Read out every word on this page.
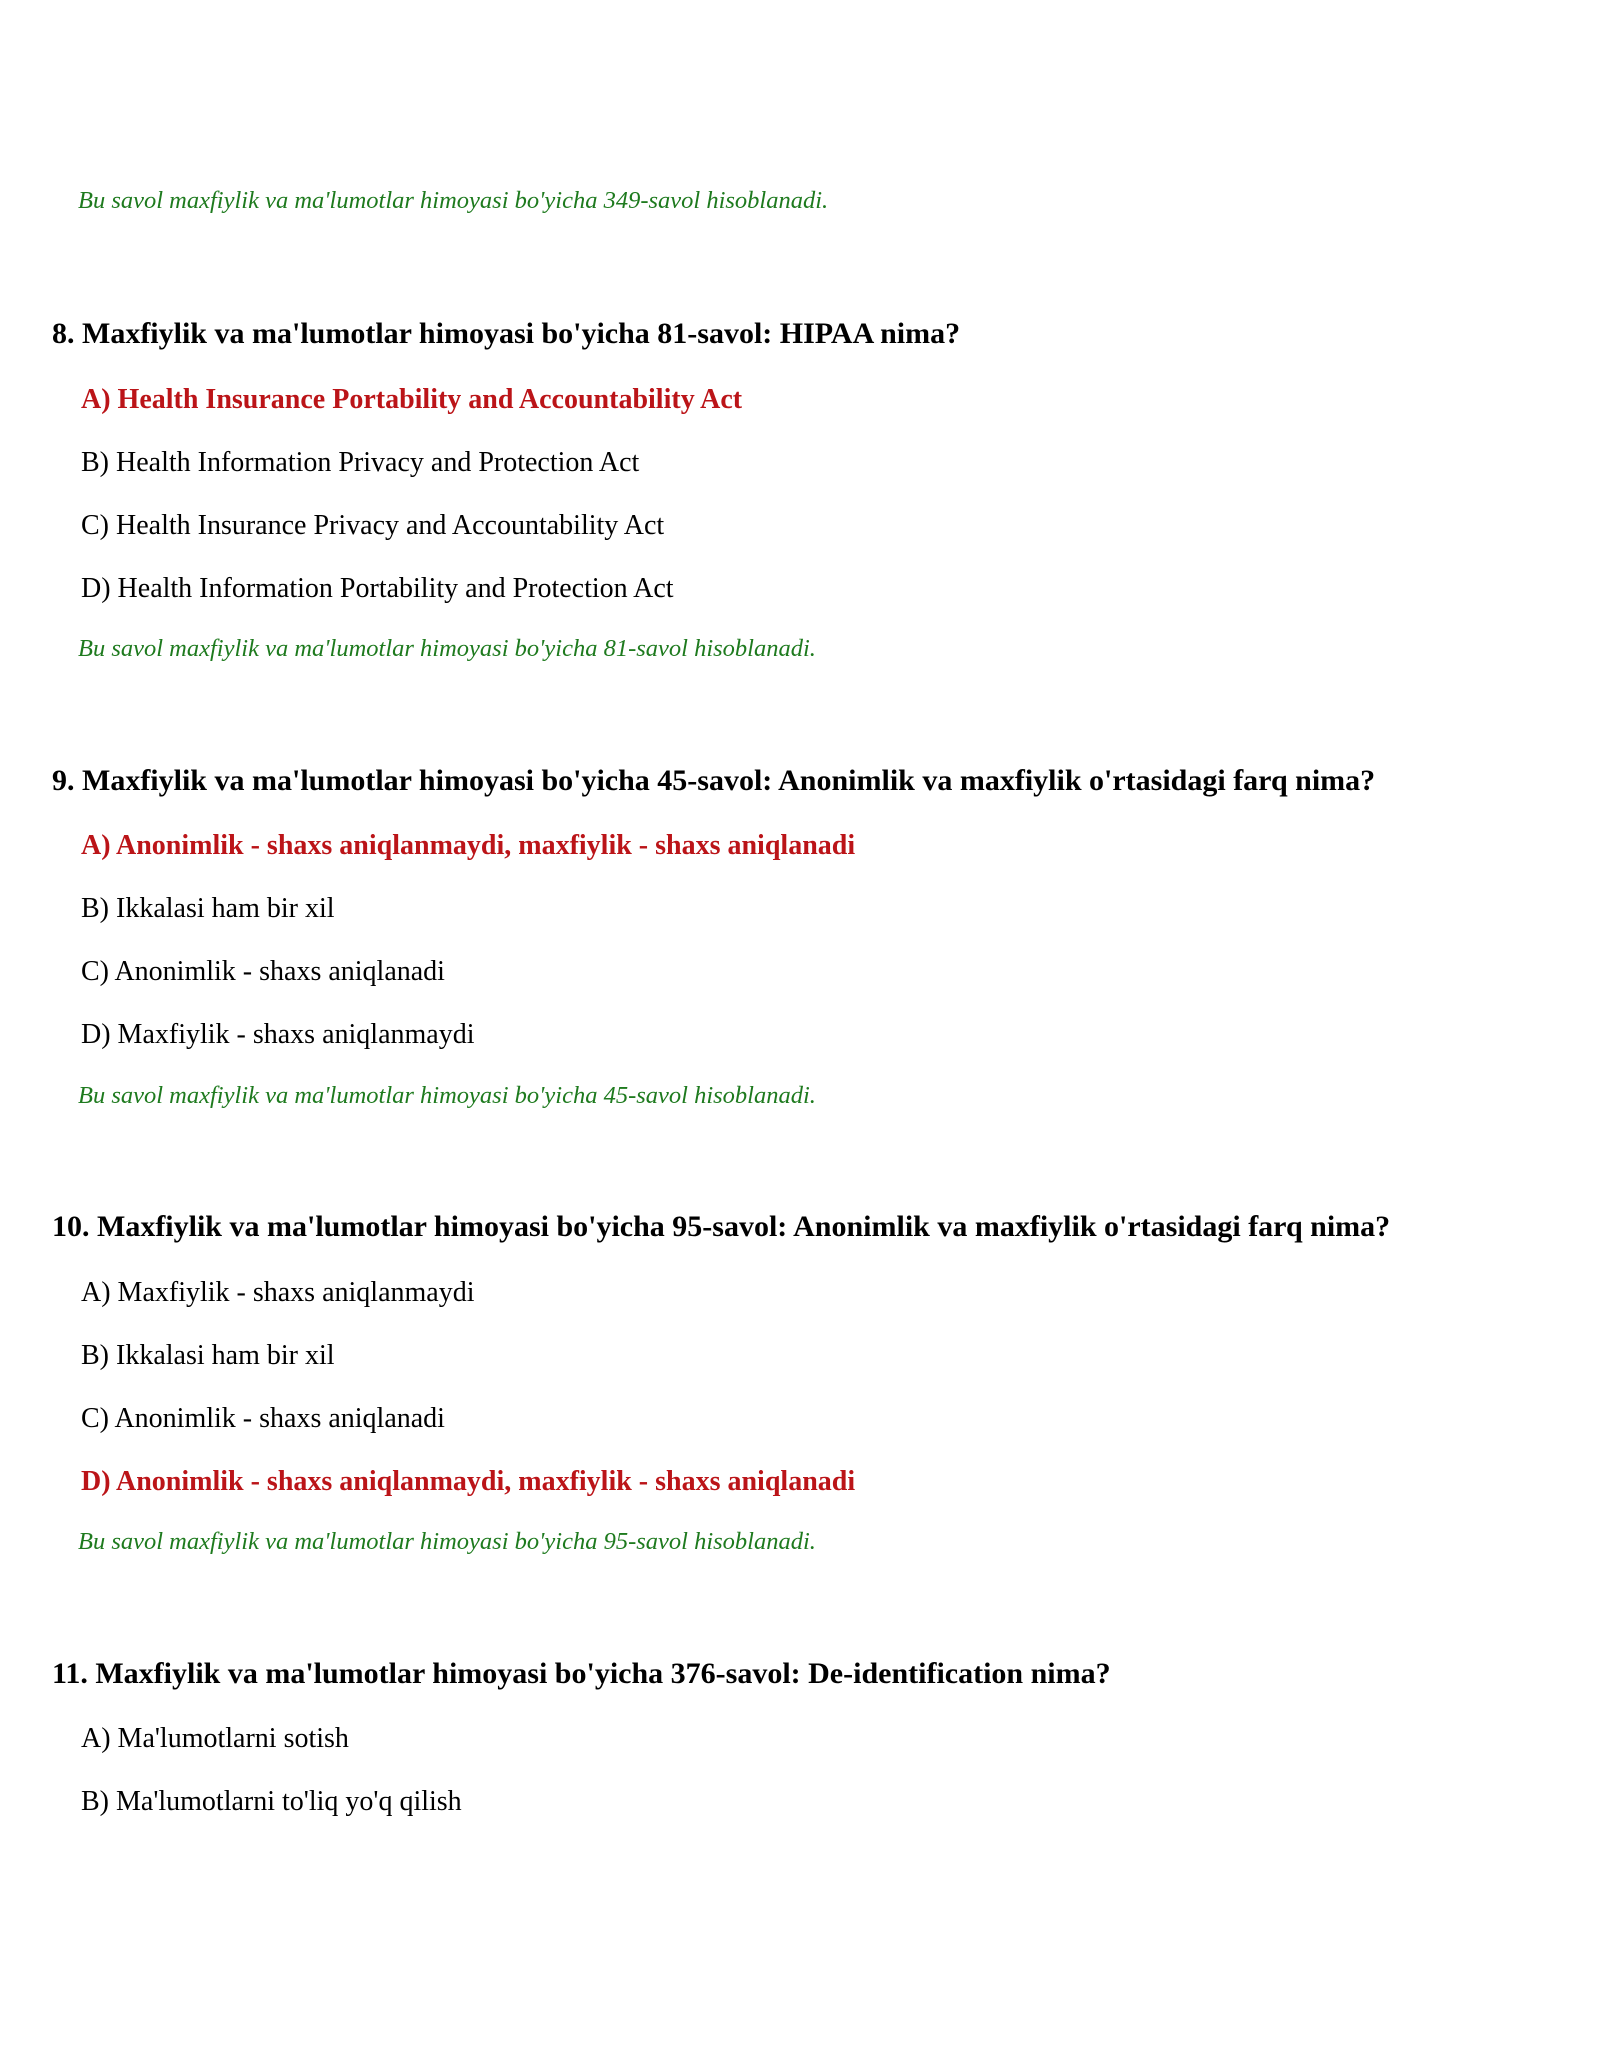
Bu savol maxfiylik va ma'lumotlar himoyasi bo'yicha 349-savol hisoblanadi.
8. Maxfiylik va ma'lumotlar himoyasi bo'yicha 81-savol: HIPAA nima?
A) Health Insurance Portability and Accountability Act
B) Health Information Privacy and Protection Act
C) Health Insurance Privacy and Accountability Act
D) Health Information Portability and Protection Act
Bu savol maxfiylik va ma'lumotlar himoyasi bo'yicha 81-savol hisoblanadi.
9. Maxfiylik va ma'lumotlar himoyasi bo'yicha 45-savol: Anonimlik va maxfiylik o'rtasidagi farq nima?
A) Anonimlik - shaxs aniqlanmaydi, maxfiylik - shaxs aniqlanadi
B) Ikkalasi ham bir xil
C) Anonimlik - shaxs aniqlanadi
D) Maxfiylik - shaxs aniqlanmaydi
Bu savol maxfiylik va ma'lumotlar himoyasi bo'yicha 45-savol hisoblanadi.
10. Maxfiylik va ma'lumotlar himoyasi bo'yicha 95-savol: Anonimlik va maxfiylik o'rtasidagi farq nima?
A) Maxfiylik - shaxs aniqlanmaydi
B) Ikkalasi ham bir xil
C) Anonimlik - shaxs aniqlanadi
D) Anonimlik - shaxs aniqlanmaydi, maxfiylik - shaxs aniqlanadi
Bu savol maxfiylik va ma'lumotlar himoyasi bo'yicha 95-savol hisoblanadi.
11. Maxfiylik va ma'lumotlar himoyasi bo'yicha 376-savol: De-identification nima?
A) Ma'lumotlarni sotish
B) Ma'lumotlarni to'liq yo'q qilish
